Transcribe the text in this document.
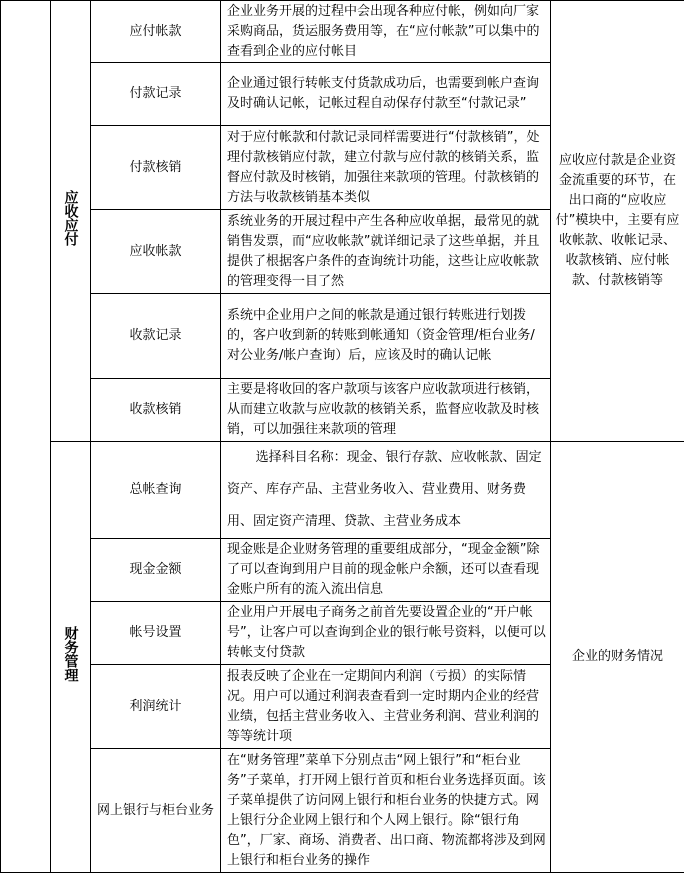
	应收应付	应付帐款	企业业务开展的过程中会出现各种应付帐，例如向厂家采购商品，货运服务费用等，在“应付帐款”可以集中的查看到企业的应付帐目	应收应付款是企业资金流重要的环节，在出口商的“应收应付”模块中，主要有应收帐款、收帐记录、收款核销、应付帐款、付款核销等
		付款记录	企业通过银行转帐支付货款成功后，也需要到帐户查询及时确认记帐，记帐过程自动保存付款至“付款记录”	
		付款核销	对于应付帐款和付款记录同样需要进行“付款核销”，处理付款核销应付款，建立付款与应付款的核销关系，监督应付款及时核销，加强往来款项的管理。付款核销的方法与收款核销基本类似	
		应收帐款	系统业务的开展过程中产生各种应收单据，最常见的就销售发票，而“应收帐款”就详细记录了这些单据，并且提供了根据客户条件的查询统计功能，这些让应收帐款的管理变得一目了然	
		收款记录	系统中企业用户之间的帐款是通过银行转账进行划拨的，客户收到新的转账到帐通知（资金管理/柜台业务/对公业务/帐户查询）后，应该及时的确认记帐	
		收款核销	主要是将收回的客户款项与该客户应收款项进行核销，从而建立收款与应收款的核销关系，监督应收款及时核销，可以加强往来款项的管理	
	财务管理	总帐查询	选择科目名称：现金、银行存款、应收帐款、固定资产、库存产品、主营业务收入、营业费用、财务费用、固定资产清理、贷款、主营业务成本	企业的财务情况
		现金金额	现金账是企业财务管理的重要组成部分，“现金金额”除了可以查询到用户目前的现金帐户余额，还可以查看现金账户所有的流入流出信息	
		帐号设置	企业用户开展电子商务之前首先要设置企业的“开户帐号”，让客户可以查询到企业的银行帐号资料，以便可以转帐支付贷款	
		利润统计	报表反映了企业在一定期间内利润（亏损）的实际情况。用户可以通过利润表查看到一定时期内企业的经营业绩，包括主营业务收入、主营业务利润、营业利润的等等统计项	
		网上银行与柜台业务	在“财务管理”菜单下分别点击“网上银行”和“柜台业务”子菜单，打开网上银行首页和柜台业务选择页面。该子菜单提供了访问网上银行和柜台业务的快捷方式。网上银行分企业网上银行和个人网上银行。除“银行角色”，厂家、商场、消费者、出口商、物流都将涉及到网上银行和柜台业务的操作	
